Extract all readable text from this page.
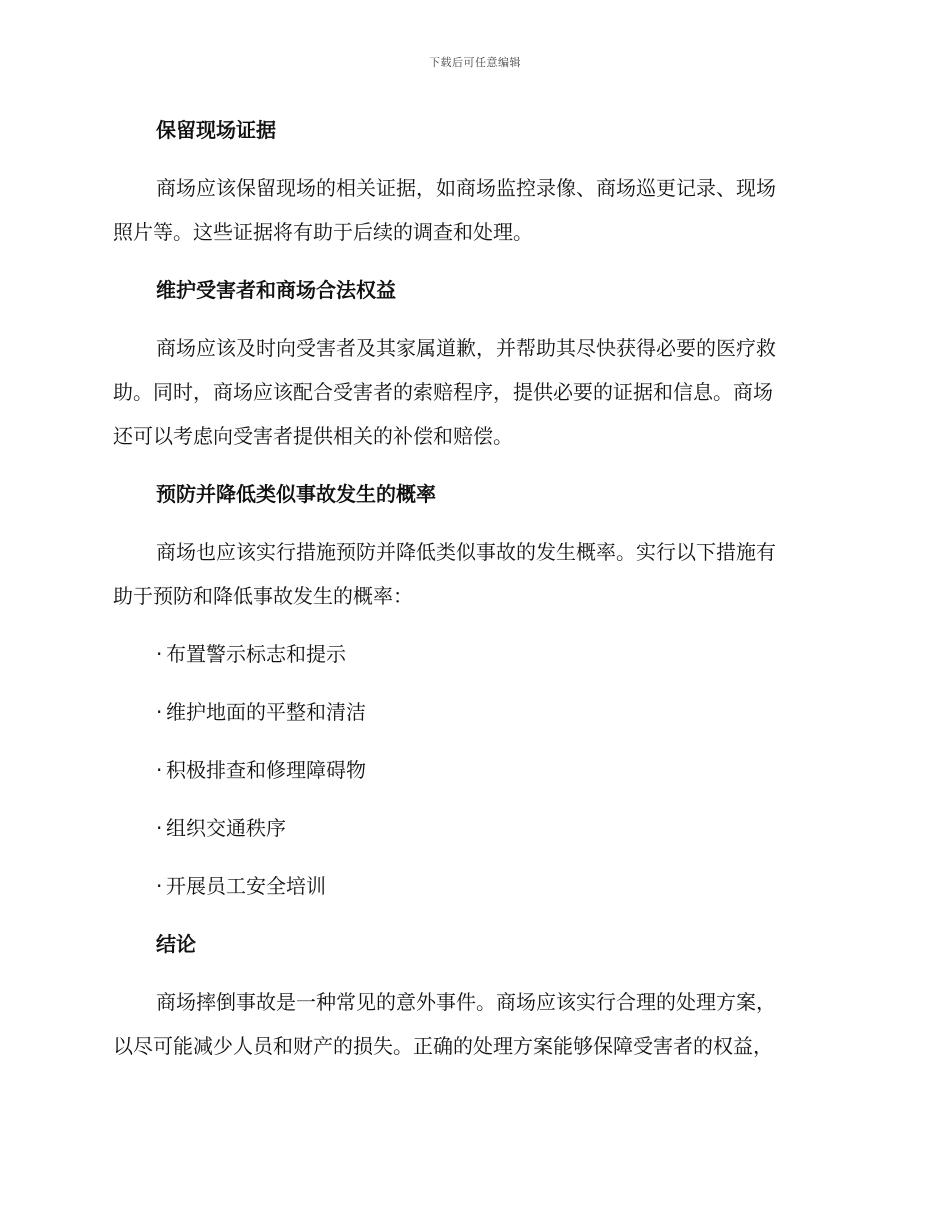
下载后可任意编辑

保留现场证据

商场应该保留现场的相关证据，如商场监控录像、商场巡更记录、现场

照片等。这些证据将有助于后续的调查和处理。

维护受害者和商场合法权益

商场应该及时向受害者及其家属道歉，并帮助其尽快获得必要的医疗救

助。同时，商场应该配合受害者的索赔程序，提供必要的证据和信息。商场

还可以考虑向受害者提供相关的补偿和赔偿。

预防并降低类似事故发生的概率

商场也应该实行措施预防并降低类似事故的发生概率。实行以下措施有

助于预防和降低事故发生的概率：

· 布置警示标志和提示

· 维护地面的平整和清洁

· 积极排查和修理障碍物

· 组织交通秩序

· 开展员工安全培训

结论

商场摔倒事故是一种常见的意外事件。商场应该实行合理的处理方案，

以尽可能减少人员和财产的损失。正确的处理方案能够保障受害者的权益，
